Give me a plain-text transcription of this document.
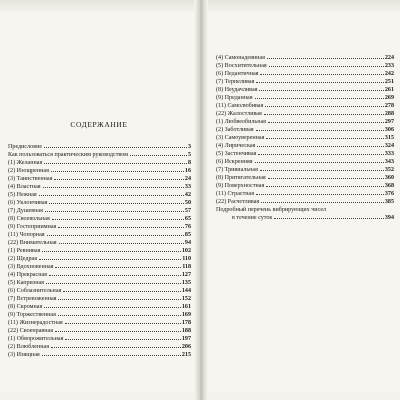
СОДЕРЖАНИЕ
Предисловие	3
Как пользоваться практическим руководством	5
(1) Желанная	8
(2) Изощренная	16
(3) Таинственная	24
(4) Властная	33
(5) Нежная	42
(6) Уклончивая	50
(7) Душевная	57
(8) Своевольная	65
(9) Гостеприимная	76
(11) Чопорная	85
(22) Внимательная	94
(1) Ревнивая	102
(2) Щедрая	110
(3) Вдохновенная	118
(4) Прекрасная	127
(5) Капризная	135
(6) Соблазнительная	144
(7) Встревоженная	152
(8) Скромная	161
(9) Торжественная	169
(11) Жизнерадостная	178
(22) Своенравная	188
(1) Обворожительная	197
(2) Влюбленная	206
(3) Изящная	215
(4) Самонадеянная	224
(5) Восхитительная	233
(6) Педантичная	242
(7) Терпеливая	251
(8) Неудачливая	261
(9) Преданная	269
(11) Самолюбивая	278
(22) Жалостливая	288
(1) Любвеобильная	297
(2) Заботливая	306
(3) Самоуверенная	315
(4) Лирическая	324
(5) Застенчивая	333
(6) Искренняя	343
(7) Тривиальная	352
(8) Притягательная	360
(9) Поверхностная	368
(11) Страстная	376
(22) Расчетливая	385
Подробный перечень вибрирующих чисел
в течение суток	394
